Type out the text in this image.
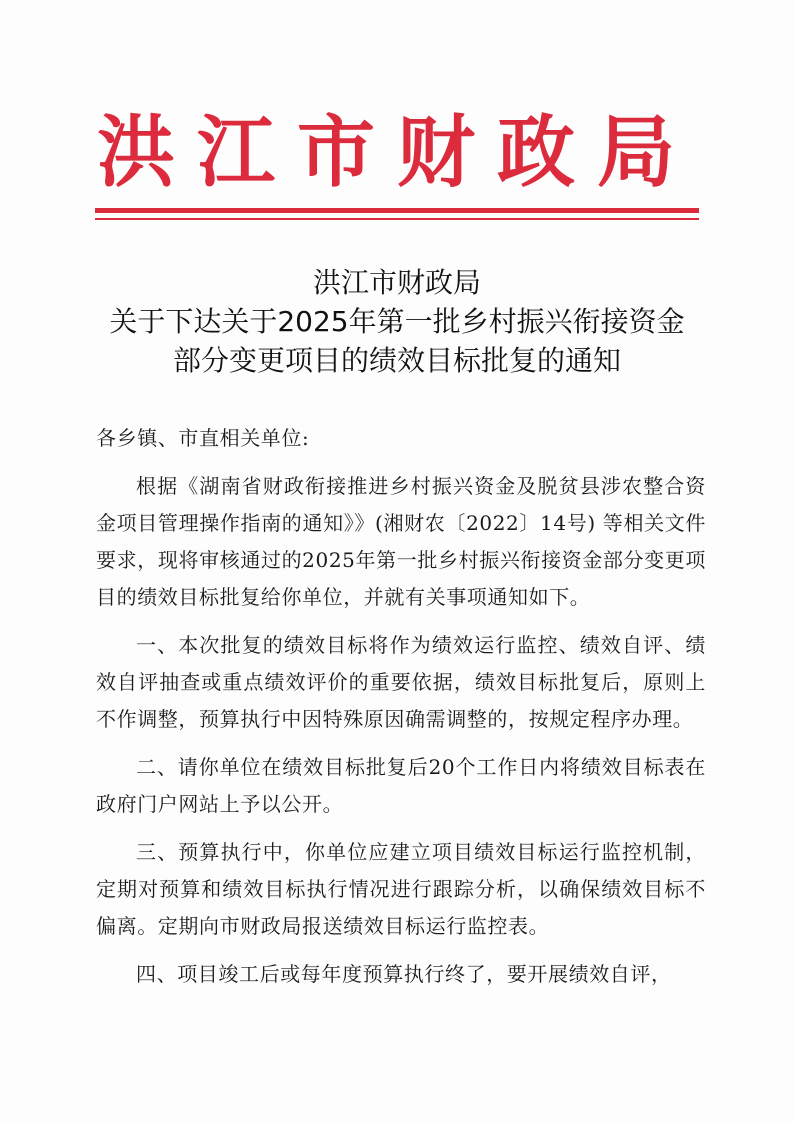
洪江市财政局
洪江市财政局
关于下达关于2025年第一批乡村振兴衔接资金
部分变更项目的绩效目标批复的通知

各乡镇、市直相关单位:

根据《湖南省财政衔接推进乡村振兴资金及脱贫县涉农整合资金项目管理操作指南的通知》》(湘财农〔2022〕14号) 等相关文件要求，现将审核通过的2025年第一批乡村振兴衔接资金部分变更项目的绩效目标批复给你单位，并就有关事项通知如下。

一、本次批复的绩效目标将作为绩效运行监控、绩效自评、绩效自评抽查或重点绩效评价的重要依据，绩效目标批复后，原则上不作调整，预算执行中因特殊原因确需调整的，按规定程序办理。

二、请你单位在绩效目标批复后20个工作日内将绩效目标表在政府门户网站上予以公开。

三、预算执行中，你单位应建立项目绩效目标运行监控机制，定期对预算和绩效目标执行情况进行跟踪分析，以确保绩效目标不偏离。定期向市财政局报送绩效目标运行监控表。

四、项目竣工后或每年度预算执行终了，要开展绩效自评，
